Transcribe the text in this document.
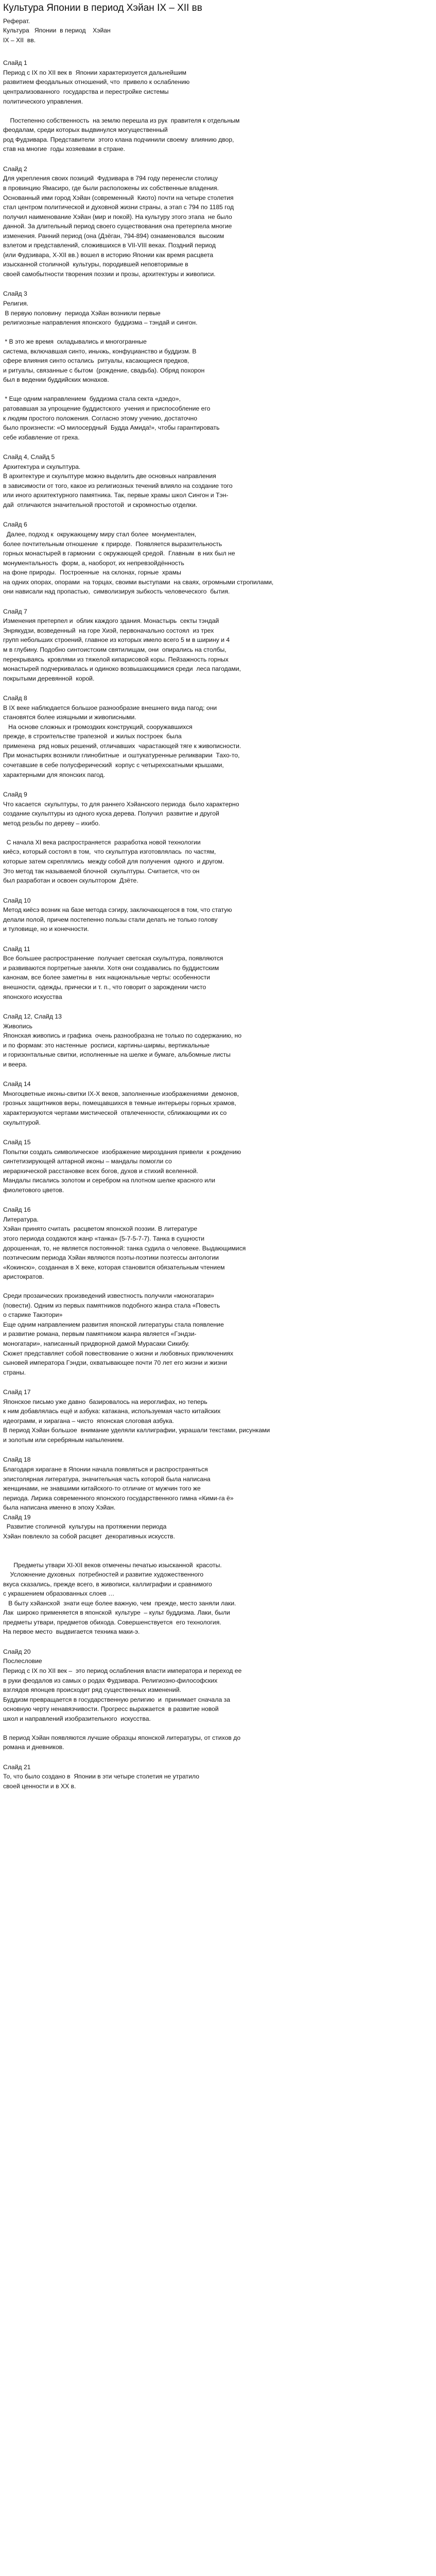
Культура Японии в период Хэйан IX – XII вв
Реферат.
Культура   Японии  в период    Хэйан
IX – XII  вв.
Слайд 1
Период с IX по XII век в  Японии характеризуется дальнейшим
развитием феодальных отношений, что  привело к ослаблению
централизованного  государства и перестройке системы
политического управления.

Постепенно собственность  на землю перешла из рук  правителя к отдельным
феодалам, среди которых выдвинулся могущественный
род Фудзивара. Представители  этого клана подчинили своему  влиянию двор,
став на многие  годы хозяевами в стране.
Слайд 2
Для укрепления своих позиций  Фудзивара в 794 году перенесли столицу
в провинцию Ямасиро, где были расположены их собственные владения.
Основанный ими город Хэйан (современный  Киото) почти на четыре столетия
стал центром политической и духовной жизни страны, а этап с 794 по 1185 год
получил наименование Хэйан (мир и покой). На культуру этого этапа  не было
данной. За длительный период своего существования она претерпела многие
изменения. Ранний период (она (Дзёган, 794-894) ознаменовался  высоким
взлетом и представлений, сложившихся в VII-VIII веках. Поздний период
(или Фудзивара, X-XII вв.) вошел в историю Японии как время расцвета
изысканной столичной  культуры, породившей неповторимые в
своей самобытности творения поэзии и прозы, архитектуры и живописи.
Слайд 3
Религия.
В первую половину  периода Хэйан возникли первые
религиозные направления японского  буддизма – тэндай и сингон.

* В это же время  складывались и многогранные
система, включавшая синто, иньчжь, конфуцианство и буддизм. В
сфере влияния синто остались  ритуалы, касающиеся предков,
и ритуалы, связанные с бытом  (рождение, свадьба). Обряд похорон
был в ведении буддийских монахов.

* Еще одним направлением  буддизма стала секта «дзедо»,
ратовавшая за упрощение буддистского  учения и приспособление его
к людям простого положения. Согласно этому учению, достаточно
было произнести: «О милосердный  Будда Амида!», чтобы гарантировать
себе избавление от греха.
Слайд 4, Слайд 5
Архитектура и скульптура.
В архитектуре и скульптуре можно выделить две основных направления
в зависимости от того, какое из религиозных течений влияло на создание того
или иного архитектурного памятника. Так, первые храмы школ Сингон и Тэн-
дай  отличаются значительной простотой  и скромностью отделки.
Слайд 6
Далее, подход к  окружающему миру стал более  монументален,
более почтительным отношение  к природе.  Появляется выразительность
горных монастырей в гармонии  с окружающей средой.  Главным  в них был не
монументальность  форм, а, наоборот, их непревзойдённость
на фоне природы.  Построенные  на склонах, горные  храмы
на одних опорах, опорами  на торцах, своими выступами  на сваях, огромными стропилами,
они нависали над пропастью,  символизируя зыбкость человеческого  бытия.
Слайд 7
Изменения претерпел и  облик каждого здания. Монастырь  секты тэндай
Энрякудзи, возведенный  на горе Хиэй, первоначально состоял  из трех
групп небольших строений, главное из которых имело всего 5 м в ширину и 4
м в глубину. Подобно синтоистским святилищам, они  опирались на столбы,
перекрываясь  кровлями из тяжелой кипарисовой коры. Пейзажность горных
монастырей подчеркивалась и одиноко возвышающимися среди  леса пагодами,
покрытыми деревянной  корой.
Слайд 8
В IX веке наблюдается большое разнообразие внешнего вида пагод; они
становятся более изящными и живописными.
На основе сложных и громоздких конструкций, сооружавшихся
прежде, в строительстве трапезной  и жилых построек  была
применена  ряд новых решений, отличавших  чарастающей тяге к живописности.
При монастырях возникли глинобитные  и оштукатуренные реликварии  Тахо-то,
сочетавшие в себе полусферический  корпус с четырехскатными крышами,
характерными для японских пагод.
Слайд 9
Что касается  скульптуры, то для раннего Хэйанского периода  было характерно
создание скульптуры из одного куска дерева. Получил  развитие и другой
метод резьбы по дереву – ихибо.

С начала XI века распространяется  разработка новой технологии
киёсэ, который состоял в том,  что скульптура изготовлялась  по частям,
которые затем скреплялись  между собой для получения  одного  и другом.
Это метод так называемой блочной  скульптуры. Считается, что он
был разработан и освоен скульптором  Дзёте.
Слайд 10
Метод киёсэ возник на базе метода сэгиру, заключающегося в том, что статую
делали полой, причем постепенно пользы стали делать не только голову
и туловище, но и конечности.
Слайд 11
Все большее распространение  получает светская скульптура, появляются
и развиваются портретные заняли. Хотя они создавались по буддистским
канонам, все более заметны в  них национальные черты: особенности
внешности, одежды, прически и т. п., что говорит о зарождении чисто
японского искусства
Слайд 12, Слайд 13
Живопись
Японская живопись и графика  очень разнообразна не только по содержанию, но
и по формам: это настенные  росписи, картины-ширмы, вертикальные
и горизонтальные свитки, исполненные на шелке и бумаге, альбомные листы
и веера.
Слайд 14
Многоцветные иконы-свитки IX-X веков, заполненные изображениями  демонов,
грозных защитников веры, помещавшихся в темные интерьеры горных храмов,
характеризуются чертами мистической  отвлеченности, сближающими их со
скульптурой.
Слайд 15
Попытки создать символическое  изображение мироздания привели  к рождению
синтетизирующей алтарной иконы – мандалы помогли со
иерархической расстановке всех богов, духов и стихий вселенной.
Мандалы писались золотом и серебром на плотном шелке красного или
фиолетового цветов.
Слайд 16
Литература.
Хэйан принято считать  расцветом японской поэзии. В литературе
этого периода создаются жанр «танка» (5-7-5-7-7). Танка в сущности
дорошенная, то, не является постоянной: танка судила о человеке. Выдающимися
поэтическим периода Хэйан являются поэты-поэтики поэтессы антологии
«Кокинсю», созданная в X веке, которая становится обязательным чтением
аристократов.

Среди прозаических произведений известность получили «моногатари»
(повести). Одним из первых памятников подобного жанра стала «Повесть
о старике Такэтори»
Еще одним направлением развития японской литературы стала появление
и развитие романа, первым памятником жанра является «Гэндзи-
моногатари», написанный придворной дамой Мурасаки Сикибу.
Сюжет представляет собой повествование о жизни и любовных приключениях
сыновей императора Гэндзи, охватывающее почти 70 лет его жизни и жизни
страны.
Слайд 17
Японское письмо уже давно  базировалось на иероглифах, но теперь
к ним добавлялась ещё и азбука: катакана, используемая часто китайских
идеограмм, и хирагана – чисто  японская слоговая азбука.
В период Хэйан большое  внимание уделяли каллиграфии, украшали текстами, рисунками
и золотым или серебряным напылением.
Слайд 18
Благодаря хирагане в Японии начала появляться и распространяться
эпистолярная литература, значительная часть которой была написана
женщинами, не знавшими китайского-то отличие от мужчин того же
периода. Лирика современного японского государственного гимна «Кими-га ё»
была написана именно в эпоху Хэйан.
Слайд 19
Развитие столичной  культуры на протяжении периода
Хэйан повлекло за собой расцвет  декоративных искусств.

Предметы утвари XI-XII веков отмечены печатью изысканной  красоты.
Усложнение духовных  потребностей и развитие художественного
вкуса сказались, прежде всего, в живописи, каллиграфии и сравнимого
с украшением образованных слоев …
В быту хэйанской  знати еще более важную, чем  прежде, место заняли лаки.
Лак  широко применяется в японской  культуре  – культ буддизма. Лаки, были
предметы утвари, предметов обихода. Совершенствуется  его технология.
На первое место  выдвигается техника маки-э.
Слайд 20
Послесловие
Период с IX по XII век –  это период ослабления власти императора и переход ее
в руки феодалов из самых о родах Фудзивара. Религиозно-философских
взглядов японцев происходит ряд существенных изменений.
Буддизм превращается в государственную религию  и  принимает сначала за
основную черту ненавязчивости. Прогресс выражается  в развитие новой
школ и направлений изобразительного  искусства.

В период Хэйан появляются лучшие образцы японской литературы, от стихов до
романа и дневников.
Слайд 21
То, что было создано в  Японии в эти четыре столетия не утратило
своей ценности и в XX в.
